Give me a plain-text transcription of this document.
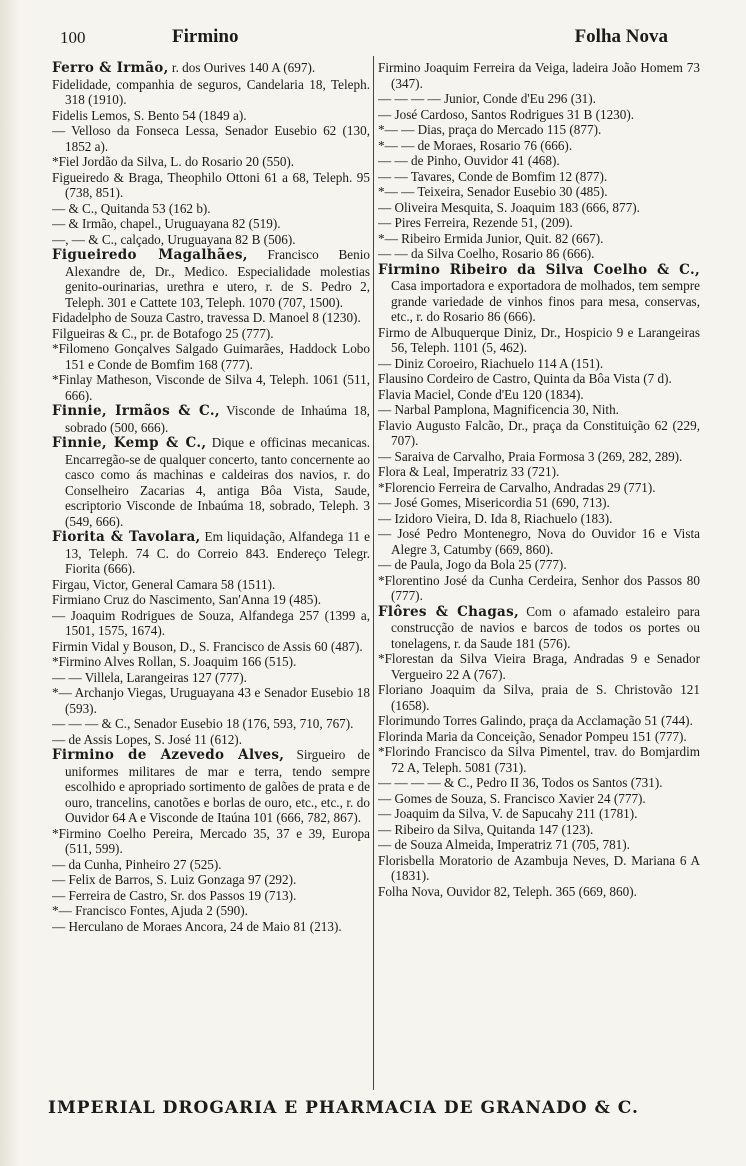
100	Firmino	Folha Nova
Ferro & Irmão, r. dos Ourives 140 A (697).
Fidelidade, companhia de seguros, Candelaria 18, Teleph. 318 (1910).
Fidelis Lemos, S. Bento 54 (1849 a).
— Velloso da Fonseca Lessa, Senador Eusebio 62 (130, 1852 a).
*Fiel Jordão da Silva, L. do Rosario 20 (550).
Figueiredo & Braga, Theophilo Ottoni 61 a 68, Teleph. 95 (738, 851).
— & C., Quitanda 53 (162 b).
— & Irmão, chapel., Uruguayana 82 (519).
—, — & C., calçado, Uruguayana 82 B (506).
Figueiredo Magalhães, Francisco Benio Alexandre de, Dr., Medico. Especialidade molestias genito-ourinarias, urethra e utero, r. de S. Pedro 2, Teleph. 301 e Cattete 103, Teleph. 1070 (707, 1500).
Fidadelpho de Souza Castro, travessa D. Manoel 8 (1230).
Filgueiras & C., pr. de Botafogo 25 (777).
*Filomeno Gonçalves Salgado Guimarães, Haddock Lobo 151 e Conde de Bomfim 168 (777).
*Finlay Matheson, Visconde de Silva 4, Teleph. 1061 (511, 666).
Finnie, Irmãos & C., Visconde de Inhaúma 18, sobrado (500, 666).
Finnie, Kemp & C., Dique e officinas mecanicas. Encarregão-se de qualquer concerto, tanto concernente ao casco como ás machinas e caldeiras dos navios, r. do Conselheiro Zacarias 4, antiga Bôa Vista, Saude, escriptorio Visconde de Inbaúma 18, sobrado, Teleph. 3 (549, 666).
Fiorita & Tavolara, Em liquidação, Alfandega 11 e 13, Teleph. 74 C. do Correio 843. Endereço Telegr. Fiorita (666).
Firgau, Victor, General Camara 58 (1511).
Firmiano Cruz do Nascimento, San'Anna 19 (485).
— Joaquim Rodrigues de Souza, Alfandega 257 (1399 a, 1501, 1575, 1674).
Firmin Vidal y Bouson, D., S. Francisco de Assis 60 (487).
*Firmino Alves Rollan, S. Joaquim 166 (515).
— — Villela, Larangeiras 127 (777).
*— Archanjo Viegas, Uruguayana 43 e Senador Eusebio 18 (593).
— — — & C., Senador Eusebio 18 (176, 593, 710, 767).
— de Assis Lopes, S. José 11 (612).
Firmino de Azevedo Alves, Sirgueiro de uniformes militares de mar e terra, tendo sempre escolhido e apropriado sortimento de galões de prata e de ouro, trancelins, canotões e borlas de ouro, etc., etc., r. do Ouvidor 64 A e Visconde de Itaúna 101 (666, 782, 867).
*Firmino Coelho Pereira, Mercado 35, 37 e 39, Europa (511, 599).
— da Cunha, Pinheiro 27 (525).
— Felix de Barros, S. Luiz Gonzaga 97 (292).
— Ferreira de Castro, Sr. dos Passos 19 (713).
*— Francisco Fontes, Ajuda 2 (590).
— Herculano de Moraes Ancora, 24 de Maio 81 (213).
Firmino Joaquim Ferreira da Veiga, ladeira João Homem 73 (347).
— — — — Junior, Conde d'Eu 296 (31).
— José Cardoso, Santos Rodrigues 31 B (1230).
*— — Dias, praça do Mercado 115 (877).
*— — de Moraes, Rosario 76 (666).
— — de Pinho, Ouvidor 41 (468).
— — Tavares, Conde de Bomfim 12 (877).
*— — Teixeira, Senador Eusebio 30 (485).
— Oliveira Mesquita, S. Joaquim 183 (666, 877).
— Pires Ferreira, Rezende 51, (209).
*— Ribeiro Ermida Junior, Quit. 82 (667).
— — da Silva Coelho, Rosario 86 (666).
Firmino Ribeiro da Silva Coelho & C., Casa importadora e exportadora de molhados, tem sempre grande variedade de vinhos finos para mesa, conservas, etc., r. do Rosario 86 (666).
Firmo de Albuquerque Diniz, Dr., Hospicio 9 e Larangeiras 56, Teleph. 1101 (5, 462).
— Diniz Coroeiro, Riachuelo 114 A (151).
Flausino Cordeiro de Castro, Quinta da Bôa Vista (7 d).
Flavia Maciel, Conde d'Eu 120 (1834).
— Narbal Pamplona, Magnificencia 30, Nith.
Flavio Augusto Falcão, Dr., praça da Constituição 62 (229, 707).
— Saraiva de Carvalho, Praia Formosa 3 (269, 282, 289).
Flora & Leal, Imperatriz 33 (721).
*Florencio Ferreira de Carvalho, Andradas 29 (771).
— José Gomes, Misericordia 51 (690, 713).
— Izidoro Vieira, D. Ida 8, Riachuelo (183).
— José Pedro Montenegro, Nova do Ouvidor 16 e Vista Alegre 3, Catumby (669, 860).
— de Paula, Jogo da Bola 25 (777).
*Florentino José da Cunha Cerdeira, Senhor dos Passos 80 (777).
Flôres & Chagas, Com o afamado estaleiro para construcção de navios e barcos de todos os portes ou tonelagens, r. da Saude 181 (576).
*Florestan da Silva Vieira Braga, Andradas 9 e Senador Vergueiro 22 A (767).
Floriano Joaquim da Silva, praia de S. Christovão 121 (1658).
Florimundo Torres Galindo, praça da Acclamação 51 (744).
Florinda Maria da Conceição, Senador Pompeu 151 (777).
*Florindo Francisco da Silva Pimentel, trav. do Bomjardim 72 A, Teleph. 5081 (731).
— — — — & C., Pedro II 36, Todos os Santos (731).
— Gomes de Souza, S. Francisco Xavier 24 (777).
— Joaquim da Silva, V. de Sapucahy 211 (1781).
— Ribeiro da Silva, Quitanda 147 (123).
— de Souza Almeida, Imperatriz 71 (705, 781).
Florisbella Moratorio de Azambuja Neves, D. Mariana 6 A (1831).
Folha Nova, Ouvidor 82, Teleph. 365 (669, 860).
IMPERIAL DROGARIA E PHARMACIA DE GRANADO & C.
